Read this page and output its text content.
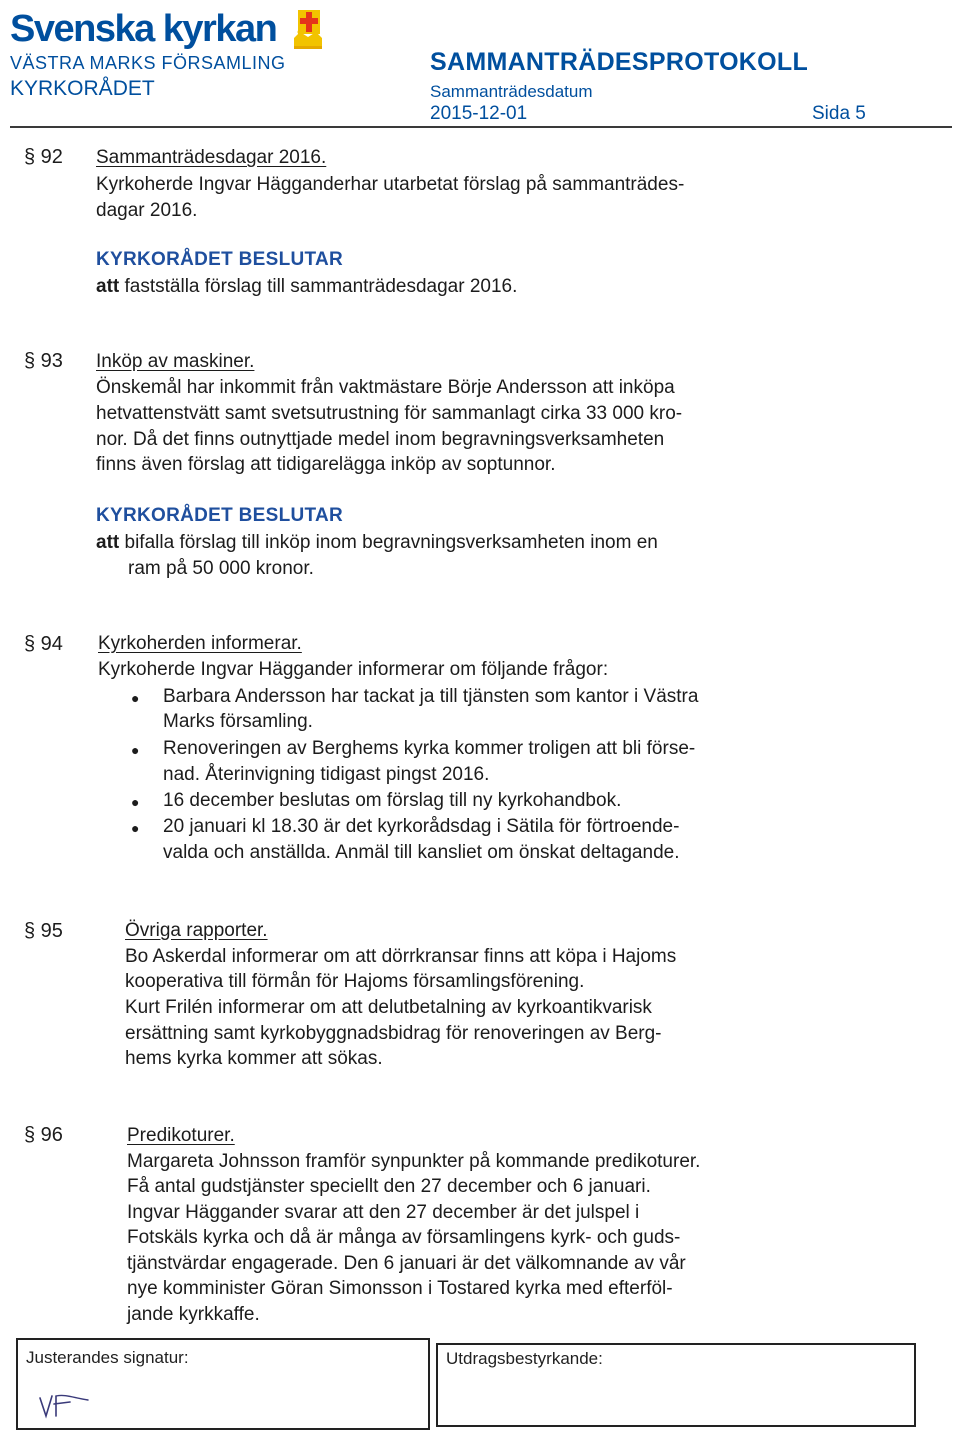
Svenska kyrkan
VÄSTRA MARKS FÖRSAMLING
KYRKORÅDET
SAMMANTRÄDESPROTOKOLL
Sammanträdesdatum
2015-12-01	Sida 5
§ 92 Sammanträdesdagar 2016.
Kyrkoherde Ingvar Hägganderhar utarbetat förslag på sammanträdes-
dagar 2016.
KYRKORÅDET BESLUTAR
att fastställa förslag till sammanträdesdagar 2016.
§ 93 Inköp av maskiner.
Önskemål har inkommit från vaktmästare Börje Andersson att inköpa
hetvattenstvätt samt svetsutrustning för sammanlagt cirka 33 000 kro-
nor. Då det finns outnyttjade medel inom begravningsverksamheten
finns även förslag att tidigarelägga inköp av soptunnor.
KYRKORÅDET BESLUTAR
att bifalla förslag till inköp inom begravningsverksamheten inom en
ram på 50 000 kronor.
§ 94 Kyrkoherden informerar.
Kyrkoherde Ingvar Häggander informerar om följande frågor:
● Barbara Andersson har tackat ja till tjänsten som kantor i Västra
Marks församling.
● Renoveringen av Berghems kyrka kommer troligen att bli förse-
nad. Återinvigning tidigast pingst 2016.
● 16 december beslutas om förslag till ny kyrkohandbok.
● 20 januari kl 18.30 är det kyrkorådsdag i Sätila för förtroende-
valda och anställda. Anmäl till kansliet om önskat deltagande.
§ 95	Övriga rapporter.
Bo Askerdal informerar om att dörrkransar finns att köpa i Hajoms
kooperativa till förmån för Hajoms församlingsförening.
Kurt Frilén informerar om att delutbetalning av kyrkoantikvarisk
ersättning samt kyrkobyggnadsbidrag för renoveringen av Berg-
hems kyrka kommer att sökas.
§ 96	Predikoturer.
Margareta Johnsson framför synpunkter på kommande predikoturer.
Få antal gudstjänster speciellt den 27 december och 6 januari.
Ingvar Häggander svarar att den 27 december är det julspel i
Fotskäls kyrka och då är många av församlingens kyrk- och guds-
tjänstvärdar engagerade. Den 6 januari är det välkomnande av vår
nye komminister Göran Simonsson i Tostared kyrka med efterföl-
jande kyrkkaffe.
Justerandes signatur:	Utdragsbestyrkande:
